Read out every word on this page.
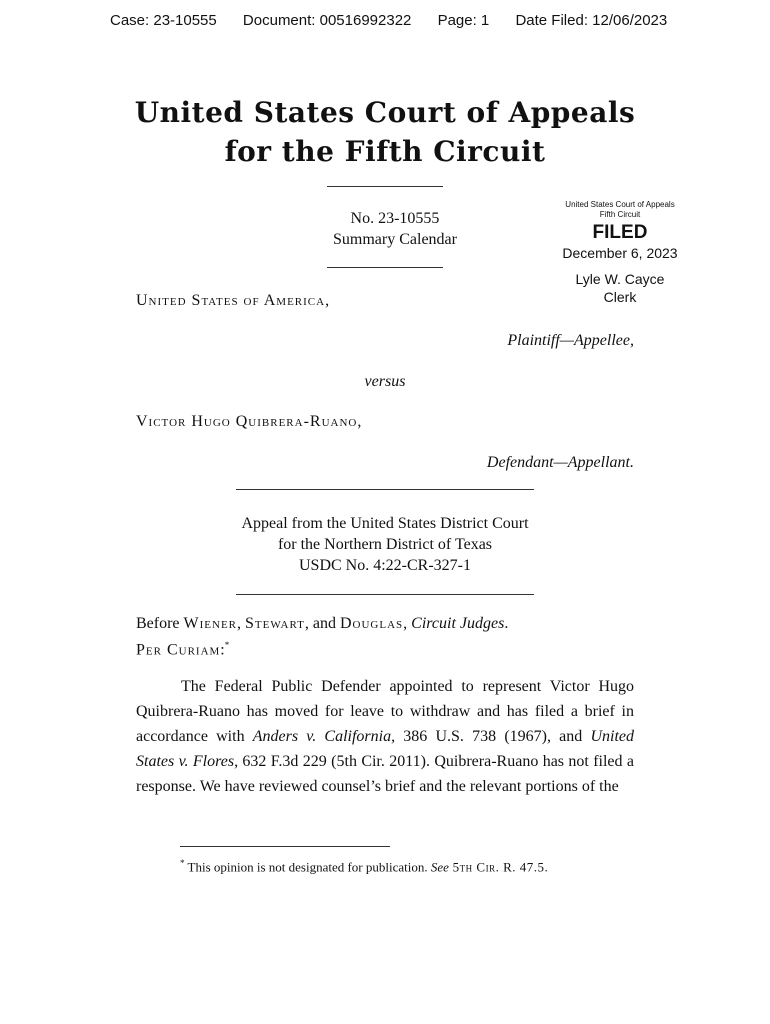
Case: 23-10555 Document: 00516992322 Page: 1 Date Filed: 12/06/2023
United States Court of Appeals
for the Fifth Circuit
No. 23-10555
Summary Calendar
United States Court of Appeals
Fifth Circuit
FILED
December 6, 2023
Lyle W. Cayce
Clerk
United States of America,
Plaintiff—Appellee,
versus
Victor Hugo Quibrera-Ruano,
Defendant—Appellant.
Appeal from the United States District Court
for the Northern District of Texas
USDC No. 4:22-CR-327-1
Before Wiener, Stewart, and Douglas, Circuit Judges.
Per Curiam:*
The Federal Public Defender appointed to represent Victor Hugo Quibrera-Ruano has moved for leave to withdraw and has filed a brief in accordance with Anders v. California, 386 U.S. 738 (1967), and United States v. Flores, 632 F.3d 229 (5th Cir. 2011). Quibrera-Ruano has not filed a response. We have reviewed counsel’s brief and the relevant portions of the
* This opinion is not designated for publication. See 5th Cir. R. 47.5.
